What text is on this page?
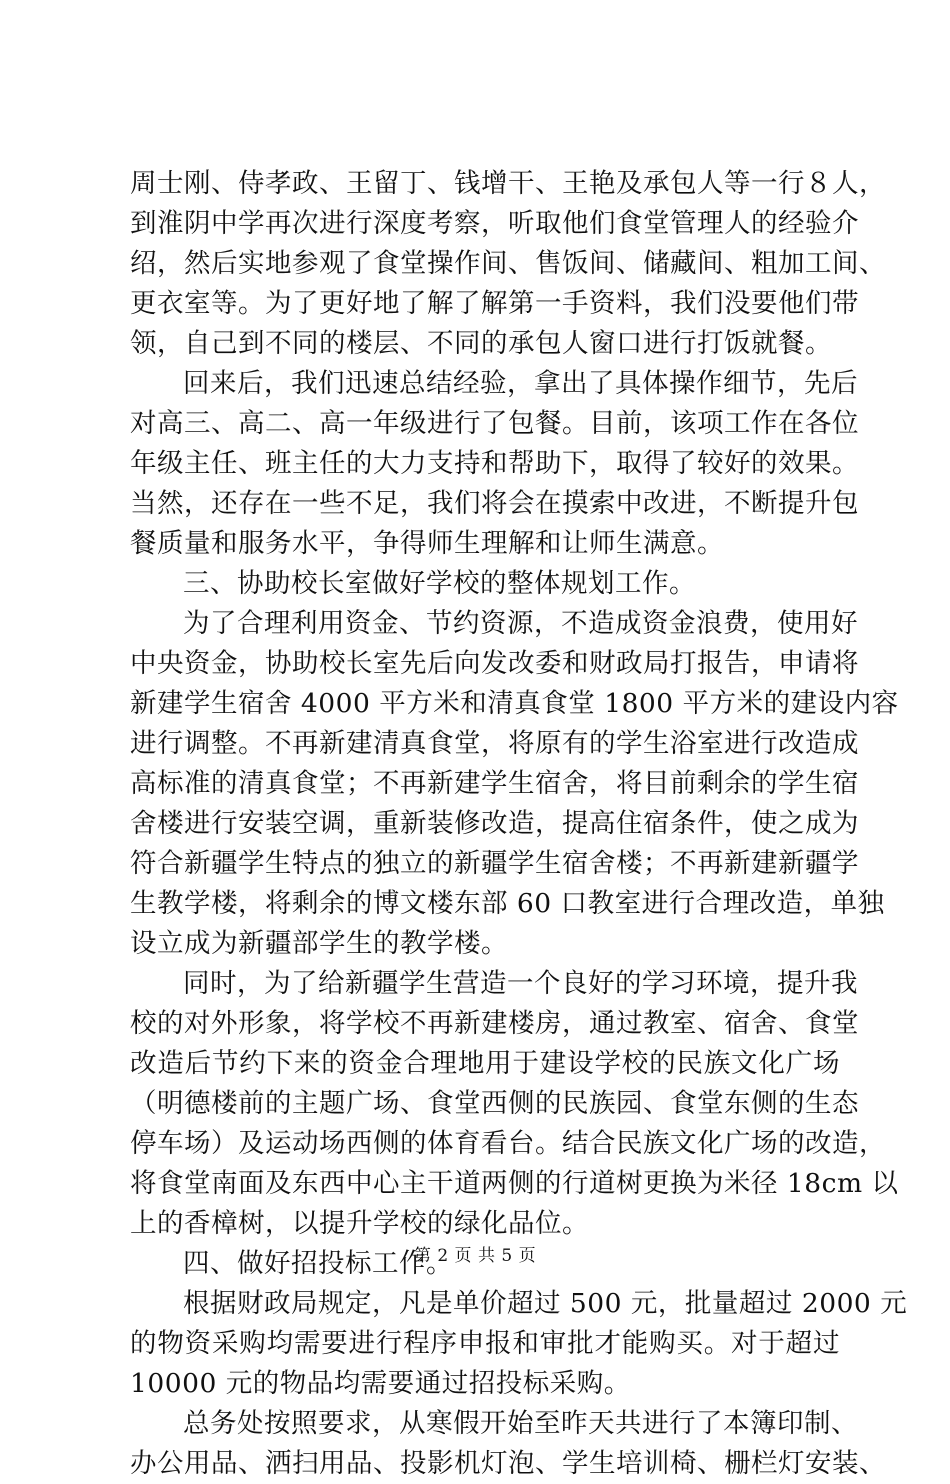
周士刚、侍孝政、王留丁、钱增干、王艳及承包人等一行８人，
到淮阴中学再次进行深度考察，听取他们食堂管理人的经验介
绍，然后实地参观了食堂操作间、售饭间、储藏间、粗加工间、
更衣室等。为了更好地了解了解第一手资料，我们没要他们带
领，自己到不同的楼层、不同的承包人窗口进行打饭就餐。
回来后，我们迅速总结经验，拿出了具体操作细节，先后
对高三、高二、高一年级进行了包餐。目前，该项工作在各位
年级主任、班主任的大力支持和帮助下，取得了较好的效果。
当然，还存在一些不足，我们将会在摸索中改进，不断提升包
餐质量和服务水平，争得师生理解和让师生满意。
三、协助校长室做好学校的整体规划工作。
为了合理利用资金、节约资源，不造成资金浪费，使用好
中央资金，协助校长室先后向发改委和财政局打报告，申请将
新建学生宿舍 4000 平方米和清真食堂 1800 平方米的建设内容
进行调整。不再新建清真食堂，将原有的学生浴室进行改造成
高标准的清真食堂；不再新建学生宿舍，将目前剩余的学生宿
舍楼进行安装空调，重新装修改造，提高住宿条件，使之成为
符合新疆学生特点的独立的新疆学生宿舍楼；不再新建新疆学
生教学楼，将剩余的博文楼东部 60 口教室进行合理改造，单独
设立成为新疆部学生的教学楼。
同时，为了给新疆学生营造一个良好的学习环境，提升我
校的对外形象，将学校不再新建楼房，通过教室、宿舍、食堂
改造后节约下来的资金合理地用于建设学校的民族文化广场
（明德楼前的主题广场、食堂西侧的民族园、食堂东侧的生态
停车场）及运动场西侧的体育看台。结合民族文化广场的改造，
将食堂南面及东西中心主干道两侧的行道树更换为米径 18cm 以
上的香樟树，以提升学校的绿化品位。
四、做好招投标工作。
根据财政局规定，凡是单价超过 500 元，批量超过 2000 元
的物资采购均需要进行程序申报和审批才能购买。对于超过
10000 元的物品均需要通过招投标采购。
总务处按照要求，从寒假开始至昨天共进行了本簿印制、
办公用品、洒扫用品、投影机灯泡、学生培训椅、栅栏灯安装、
第 2 页 共 5 页
